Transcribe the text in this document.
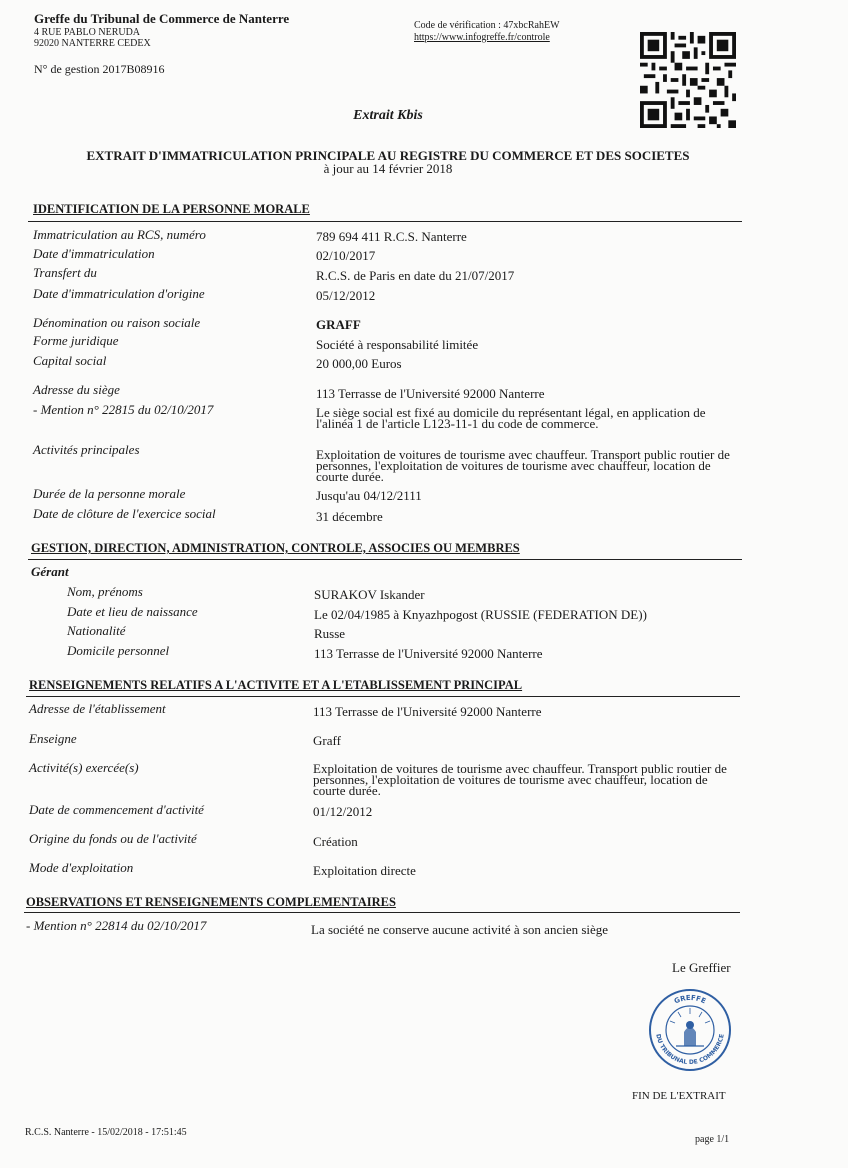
Greffe du Tribunal de Commerce de Nanterre
4 RUE PABLO NERUDA
92020 NANTERRE CEDEX
N° de gestion 2017B08916
Code de vérification : 47xbcRahEW
https://www.infogreffe.fr/controle
Extrait Kbis
EXTRAIT D'IMMATRICULATION PRINCIPALE AU REGISTRE DU COMMERCE ET DES SOCIETES
à jour au 14 février 2018
IDENTIFICATION DE LA PERSONNE MORALE
Immatriculation au RCS, numéro	789 694 411 R.C.S. Nanterre
Date d'immatriculation	02/10/2017
Transfert du	R.C.S. de Paris en date du 21/07/2017
Date d'immatriculation d'origine	05/12/2012
Dénomination ou raison sociale	GRAFF
Forme juridique	Société à responsabilité limitée
Capital social	20 000,00 Euros
Adresse du siège	113 Terrasse de l'Université 92000 Nanterre
- Mention n° 22815 du 02/10/2017	Le siège social est fixé au domicile du représentant légal, en application de l'alinéa 1 de l'article L123-11-1 du code de commerce.
Activités principales	Exploitation de voitures de tourisme avec chauffeur. Transport public routier de personnes, l'exploitation de voitures de tourisme avec chauffeur, location de courte durée.
Durée de la personne morale	Jusqu'au 04/12/2111
Date de clôture de l'exercice social	31 décembre
GESTION, DIRECTION, ADMINISTRATION, CONTROLE, ASSOCIES OU MEMBRES
Gérant
Nom, prénoms	SURAKOV Iskander
Date et lieu de naissance	Le 02/04/1985 à Knyazhpogost (RUSSIE (FEDERATION DE))
Nationalité	Russe
Domicile personnel	113 Terrasse de l'Université 92000 Nanterre
RENSEIGNEMENTS RELATIFS A L'ACTIVITE ET A L'ETABLISSEMENT PRINCIPAL
Adresse de l'établissement	113 Terrasse de l'Université 92000 Nanterre
Enseigne	Graff
Activité(s) exercée(s)	Exploitation de voitures de tourisme avec chauffeur. Transport public routier de personnes, l'exploitation de voitures de tourisme avec chauffeur, location de courte durée.
Date de commencement d'activité	01/12/2012
Origine du fonds ou de l'activité	Création
Mode d'exploitation	Exploitation directe
OBSERVATIONS ET RENSEIGNEMENTS COMPLEMENTAIRES
- Mention n° 22814 du 02/10/2017	La société ne conserve aucune activité à son ancien siège
Le Greffier
GREFFE
DU TRIBUNAL DE COMMERCE
FIN DE L'EXTRAIT
R.C.S. Nanterre - 15/02/2018 - 17:51:45
page 1/1
